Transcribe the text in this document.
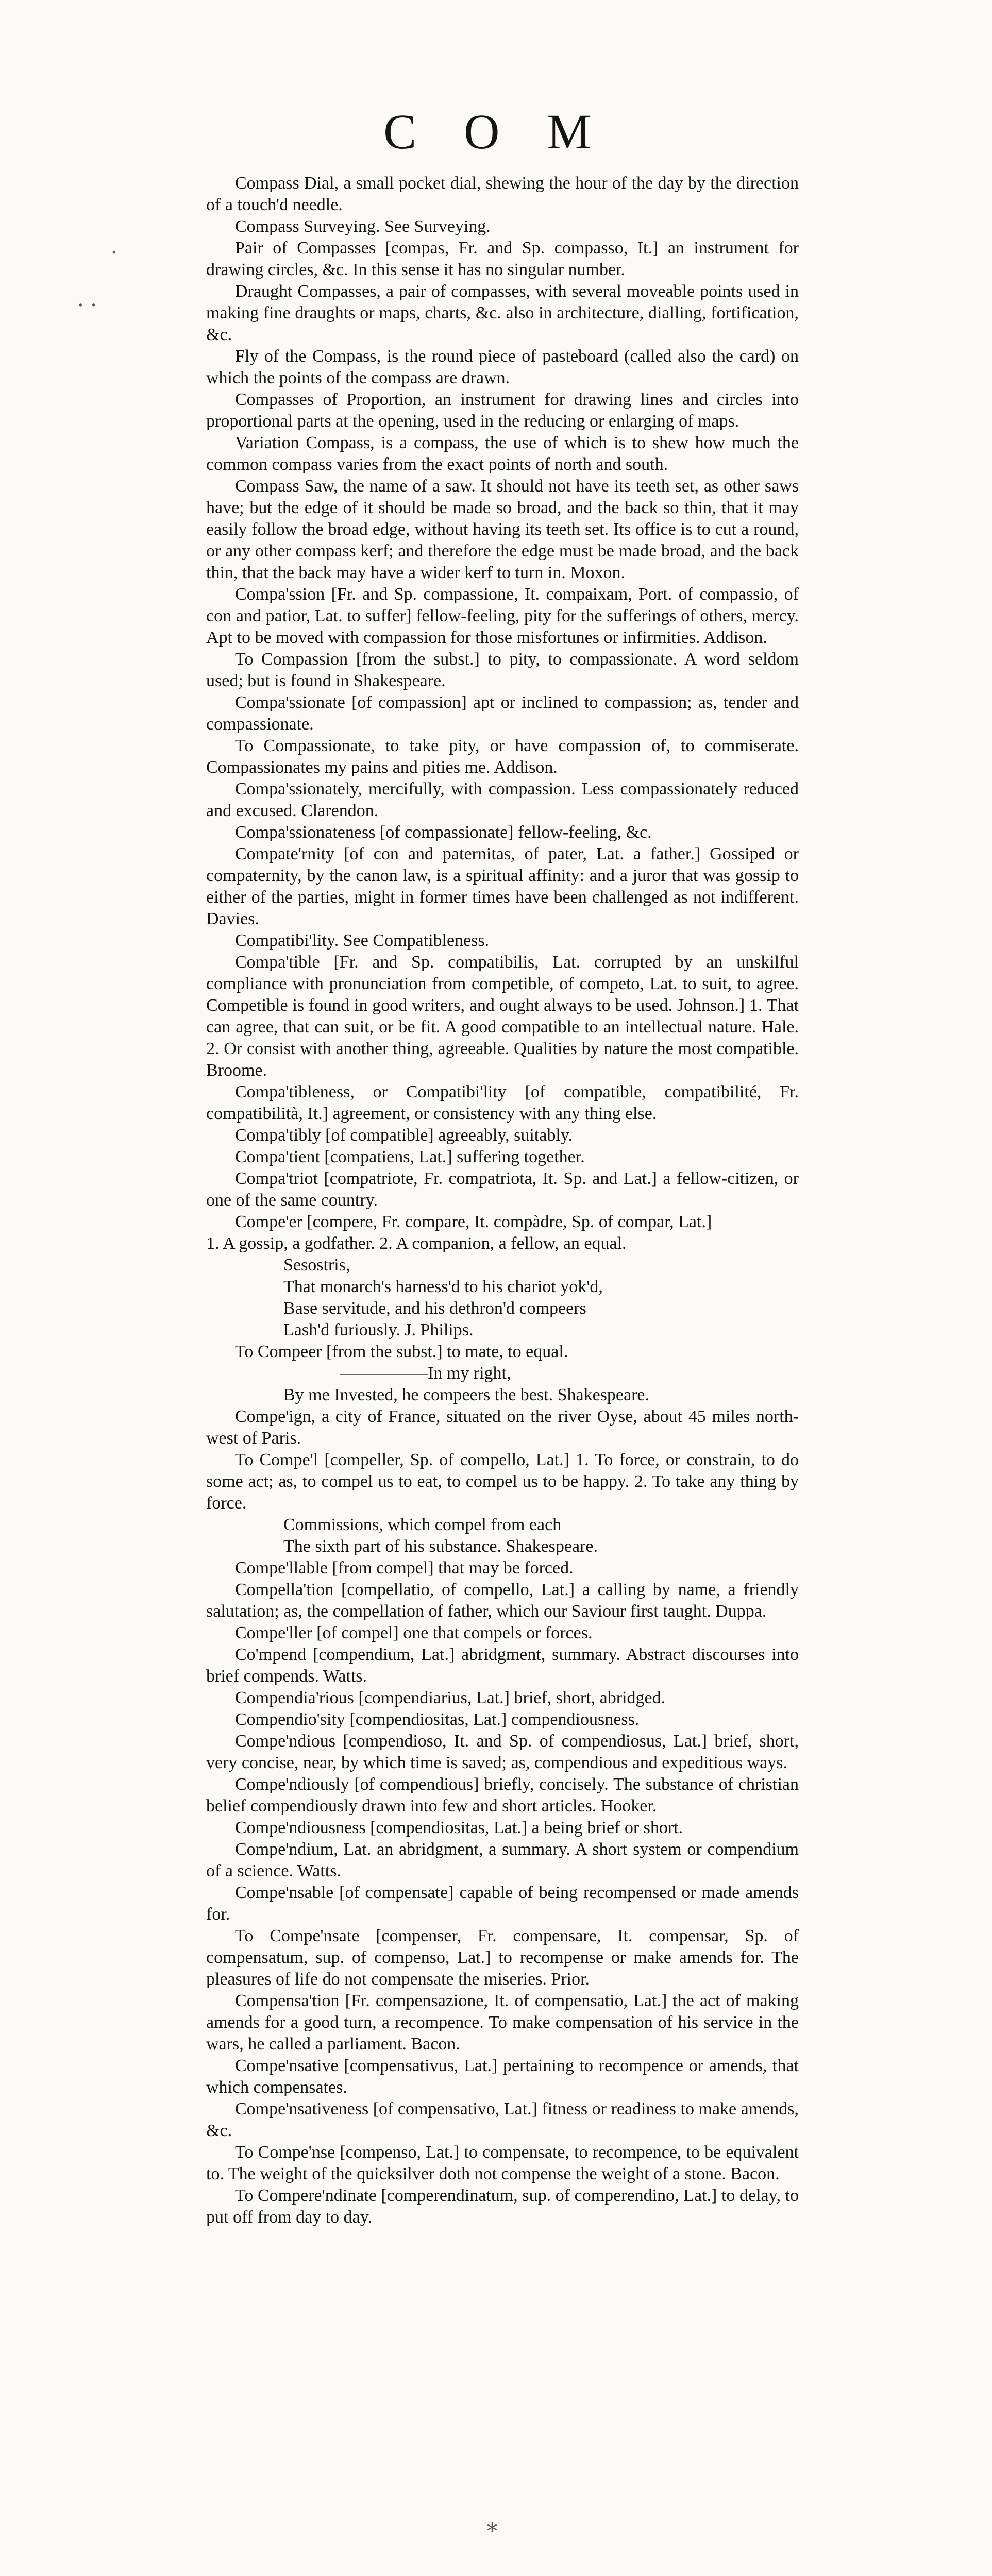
C O M
·
· ·
*

Compass Dial, a small pocket dial, shewing the hour of the day by the direction of a touch'd needle.

Compass Surveying. See Surveying.

Pair of Compasses [compas, Fr. and Sp. compasso, It.] an instrument for drawing circles, &c. In this sense it has no singular number.

Draught Compasses, a pair of compasses, with several moveable points used in making fine draughts or maps, charts, &c. also in architecture, dialling, fortification, &c.

Fly of the Compass, is the round piece of pasteboard (called also the card) on which the points of the compass are drawn.

Compasses of Proportion, an instrument for drawing lines and circles into proportional parts at the opening, used in the reducing or enlarging of maps.

Variation Compass, is a compass, the use of which is to shew how much the common compass varies from the exact points of north and south.

Compass Saw, the name of a saw. It should not have its teeth set, as other saws have; but the edge of it should be made so broad, and the back so thin, that it may easily follow the broad edge, without having its teeth set. Its office is to cut a round, or any other compass kerf; and therefore the edge must be made broad, and the back thin, that the back may have a wider kerf to turn in. Moxon.

Compa'ssion [Fr. and Sp. compassione, It. compaixam, Port. of compassio, of con and patior, Lat. to suffer] fellow-feeling, pity for the sufferings of others, mercy. Apt to be moved with compassion for those misfortunes or infirmities. Addison.

To Compassion [from the subst.] to pity, to compassionate. A word seldom used; but is found in Shakespeare.

Compa'ssionate [of compassion] apt or inclined to compassion; as, tender and compassionate.

To Compassionate, to take pity, or have compassion of, to commiserate. Compassionates my pains and pities me. Addison.

Compa'ssionately, mercifully, with compassion. Less compassionately reduced and excused. Clarendon.

Compa'ssionateness [of compassionate] fellow-feeling, &c.

Compate'rnity [of con and paternitas, of pater, Lat. a father.] Gossiped or compaternity, by the canon law, is a spiritual affinity: and a juror that was gossip to either of the parties, might in former times have been challenged as not indifferent. Davies.

Compatibi'lity. See Compatibleness.

Compa'tible [Fr. and Sp. compatibilis, Lat. corrupted by an unskilful compliance with pronunciation from competible, of competo, Lat. to suit, to agree. Competible is found in good writers, and ought always to be used. Johnson.] 1. That can agree, that can suit, or be fit. A good compatible to an intellectual nature. Hale. 2. Or consist with another thing, agreeable. Qualities by nature the most compatible. Broome.

Compa'tibleness, or Compatibi'lity [of compatible, compatibilité, Fr. compatibilità, It.] agreement, or consistency with any thing else.

Compa'tibly [of compatible] agreeably, suitably.

Compa'tient [compatiens, Lat.] suffering together.

Compa'triot [compatriote, Fr. compatriota, It. Sp. and Lat.] a fellow-citizen, or one of the same country.

Compe'er [compere, Fr. compare, It. compàdre, Sp. of compar, Lat.]

1. A gossip, a godfather. 2. A companion, a fellow, an equal.

Sesostris,

That monarch's harness'd to his chariot yok'd,

Base servitude, and his dethron'd compeers

Lash'd furiously. J. Philips.

To Compeer [from the subst.] to mate, to equal.

—————In my right,

By me Invested, he compeers the best. Shakespeare.

Compe'ign, a city of France, situated on the river Oyse, about 45 miles north-west of Paris.

To Compe'l [compeller, Sp. of compello, Lat.] 1. To force, or constrain, to do some act; as, to compel us to eat, to compel us to be happy. 2. To take any thing by force.

Commissions, which compel from each

The sixth part of his substance. Shakespeare.

Compe'llable [from compel] that may be forced.

Compella'tion [compellatio, of compello, Lat.] a calling by name, a friendly salutation; as, the compellation of father, which our Saviour first taught. Duppa.

Compe'ller [of compel] one that compels or forces.

Co'mpend [compendium, Lat.] abridgment, summary. Abstract discourses into brief compends. Watts.

Compendia'rious [compendiarius, Lat.] brief, short, abridged.

Compendio'sity [compendiositas, Lat.] compendiousness.

Compe'ndious [compendioso, It. and Sp. of compendiosus, Lat.] brief, short, very concise, near, by which time is saved; as, compendious and expeditious ways.

Compe'ndiously [of compendious] briefly, concisely. The substance of christian belief compendiously drawn into few and short articles. Hooker.

Compe'ndiousness [compendiositas, Lat.] a being brief or short.

Compe'ndium, Lat. an abridgment, a summary. A short system or compendium of a science. Watts.

Compe'nsable [of compensate] capable of being recompensed or made amends for.

To Compe'nsate [compenser, Fr. compensare, It. compensar, Sp. of compensatum, sup. of compenso, Lat.] to recompense or make amends for. The pleasures of life do not compensate the miseries. Prior.

Compensa'tion [Fr. compensazione, It. of compensatio, Lat.] the act of making amends for a good turn, a recompence. To make compensation of his service in the wars, he called a parliament. Bacon.

Compe'nsative [compensativus, Lat.] pertaining to recompence or amends, that which compensates.

Compe'nsativeness [of compensativo, Lat.] fitness or readiness to make amends, &c.

To Compe'nse [compenso, Lat.] to compensate, to recompence, to be equivalent to. The weight of the quicksilver doth not compense the weight of a stone. Bacon.

To Compere'ndinate [comperendinatum, sup. of comperendino, Lat.] to delay, to put off from day to day.
